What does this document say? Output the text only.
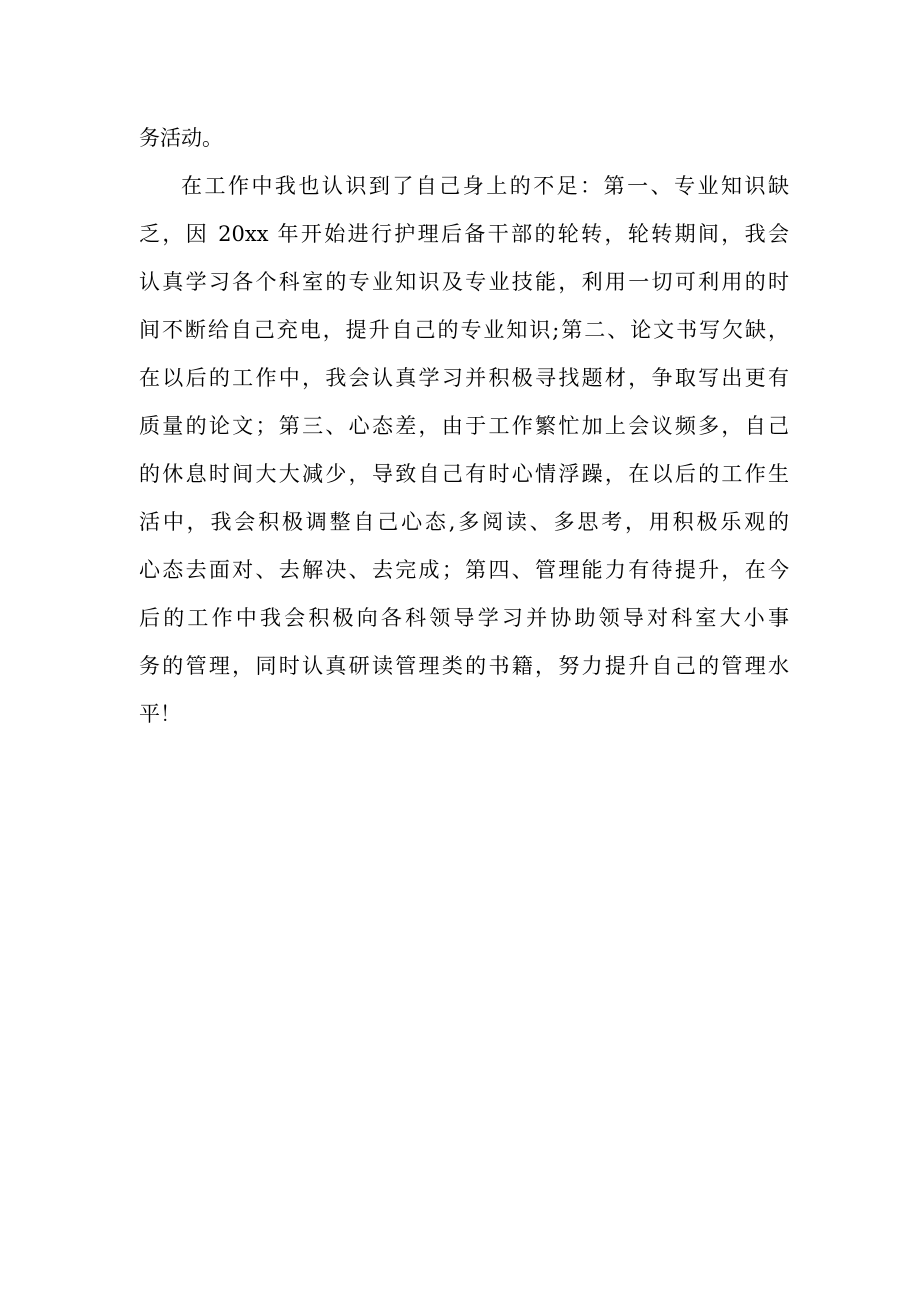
务活动。
在工作中我也认识到了自己身上的不足：第一、专业知识缺
乏，因 20xx 年开始进行护理后备干部的轮转，轮转期间，我会
认真学习各个科室的专业知识及专业技能，利用一切可利用的时
间不断给自己充电，提升自己的专业知识;第二、论文书写欠缺，
在以后的工作中，我会认真学习并积极寻找题材，争取写出更有
质量的论文；第三、心态差，由于工作繁忙加上会议频多，自己
的休息时间大大减少，导致自己有时心情浮躁，在以后的工作生
活中，我会积极调整自己心态,多阅读、多思考，用积极乐观的
心态去面对、去解决、去完成；第四、管理能力有待提升，在今
后的工作中我会积极向各科领导学习并协助领导对科室大小事
务的管理，同时认真研读管理类的书籍，努力提升自己的管理水
平！
